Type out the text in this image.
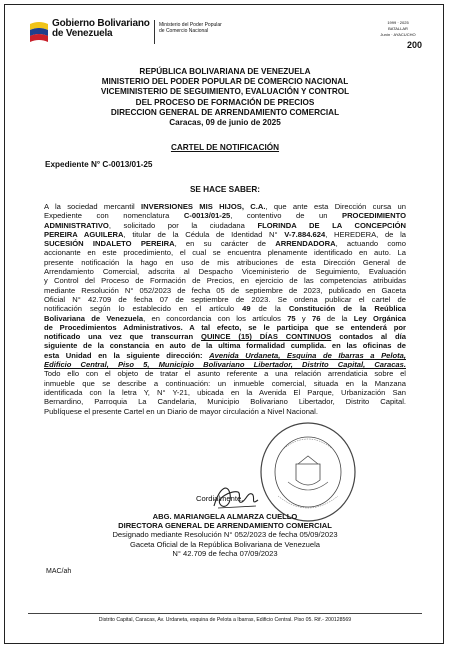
Gobierno Bolivariano
de Venezuela
Ministerio del Poder Popular
de Comercio Nacional
1999 · 2025
BATALLAR
Junín · AYACUCHO
200
REPÚBLICA BOLIVARIANA DE VENEZUELA
MINISTERIO DEL PODER POPULAR DE COMERCIO NACIONAL
VICEMINISTERIO DE SEGUIMIENTO, EVALUACIÓN Y CONTROL
DEL PROCESO DE FORMACIÓN DE PRECIOS
DIRECCION GENERAL DE ARRENDAMIENTO COMERCIAL
Caracas, 09 de junio de 2025
CARTEL DE NOTIFICACIÓN
Expediente N° C-0013/01-25
SE HACE SABER:
A la sociedad mercantil INVERSIONES MIS HIJOS, C.A., que ante esta Dirección cursa un
Expediente con nomenclatura C-0013/01-25, contentivo de un PROCEDIMIENTO
ADMINISTRATIVO, solicitado por la ciudadana FLORINDA DE LA CONCEPCIÓN
PEREIRA AGUILERA, titular de la Cédula de Identidad N° V-7.884.624, HEREDERA, de la
SUCESIÓN INDALETO PEREIRA, en su carácter de ARRENDADORA, actuando como
accionante en este procedimiento, el cual se encuentra plenamente identificado en auto. La
presente notificación la hago en uso de mis atribuciones de esta Dirección General de
Arrendamiento Comercial, adscrita al Despacho Viceministerio de Seguimiento, Evaluación
y Control del Proceso de Formación de Precios, en ejercicio de las competencias atribuidas
mediante Resolución N° 052/2023 de fecha 05 de septiembre de 2023, publicado en Gaceta
Oficial N° 42.709 de fecha 07 de septiembre de 2023. Se ordena publicar el cartel de
notificación según lo establecido en el artículo 49 de la Constitución de la Reública
Bolivariana de Venezuela, en concordancia con los artículos 75 y 76 de la Ley Orgánica
de Procedimientos Administrativos. A tal efecto, se le participa que se entenderá por
notificado una vez que transcurran QUINCE (15) DÍAS CONTINUOS contados al día
siguiente de la constancia en auto de la ultima formalidad cumplida. en las oficinas de
esta Unidad en la siguiente dirección: Avenida Urdaneta, Esquina de Ibarras a Pelota,
Edificio Central, Piso 5, Municipio Bolivariano Libertador, Distrito Capital, Caracas.
Todo ello con el objeto de tratar el asunto referente a una relación arrendaticia sobre el
inmueble que se describe a continuación: un inmueble comercial, situada en la Manzana
identificada con la letra Y, N° Y-21, ubicada en la Avenida El Parque, Urbanización San
Bernardino, Parroquia La Candelaria, Municipio Bolivariano Libertador, Distrito Capital.
Publíquese el presente Cartel en un Diario de mayor circulación a Nivel Nacional.
Cordialmente,
ABG. MARIANGELA ALMARZA CUELLO
DIRECTORA GENERAL DE ARRENDAMIENTO COMERCIAL
Designado mediante Resolución N° 052/2023 de fecha 05/09/2023
Gaceta Oficial de la República Bolivariana de Venezuela
N° 42.709 de fecha 07/09/2023
MAC/ah
Distrito Capital, Caracas, Av. Urdaneta, esquina de Pelota a Ibarras, Edificio Central. Piso 05. Rif.- 200128569
